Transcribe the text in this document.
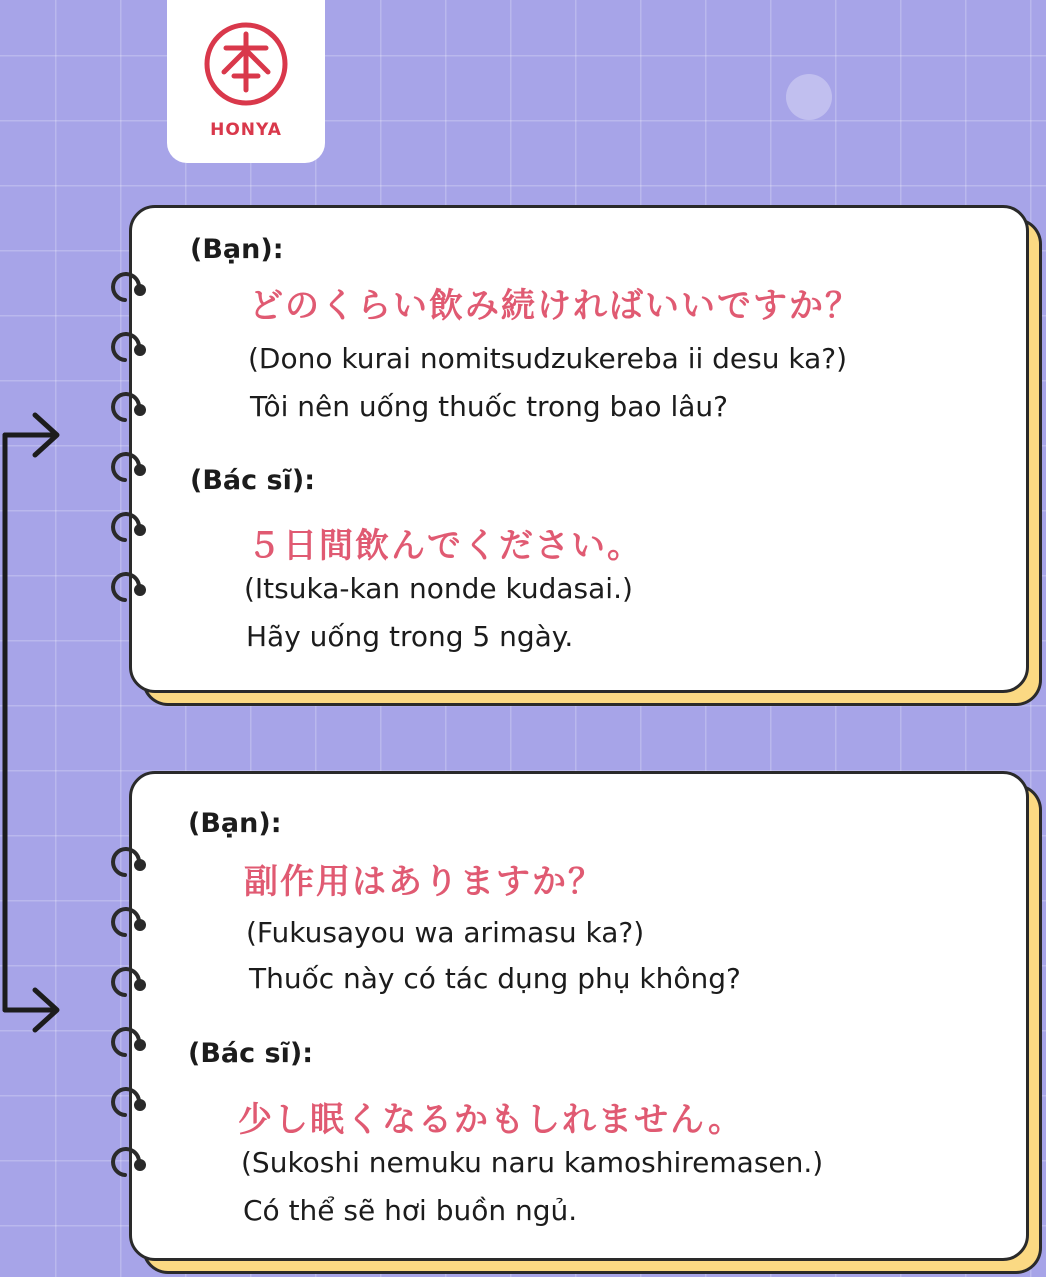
HONYA
(Bạn):
どのくらい飲み続ければいいですか？
(Dono kurai nomitsudzukereba ii desu ka?)
Tôi nên uống thuốc trong bao lâu?
(Bác sĩ):
５日間飲んでください。
(Itsuka-kan nonde kudasai.)
Hãy uống trong 5 ngày.
(Bạn):
副作用はありますか？
(Fukusayou wa arimasu ka?)
Thuốc này có tác dụng phụ không?
(Bác sĩ):
少し眠くなるかもしれません。
(Sukoshi nemuku naru kamoshiremasen.)
Có thể sẽ hơi buồn ngủ.
